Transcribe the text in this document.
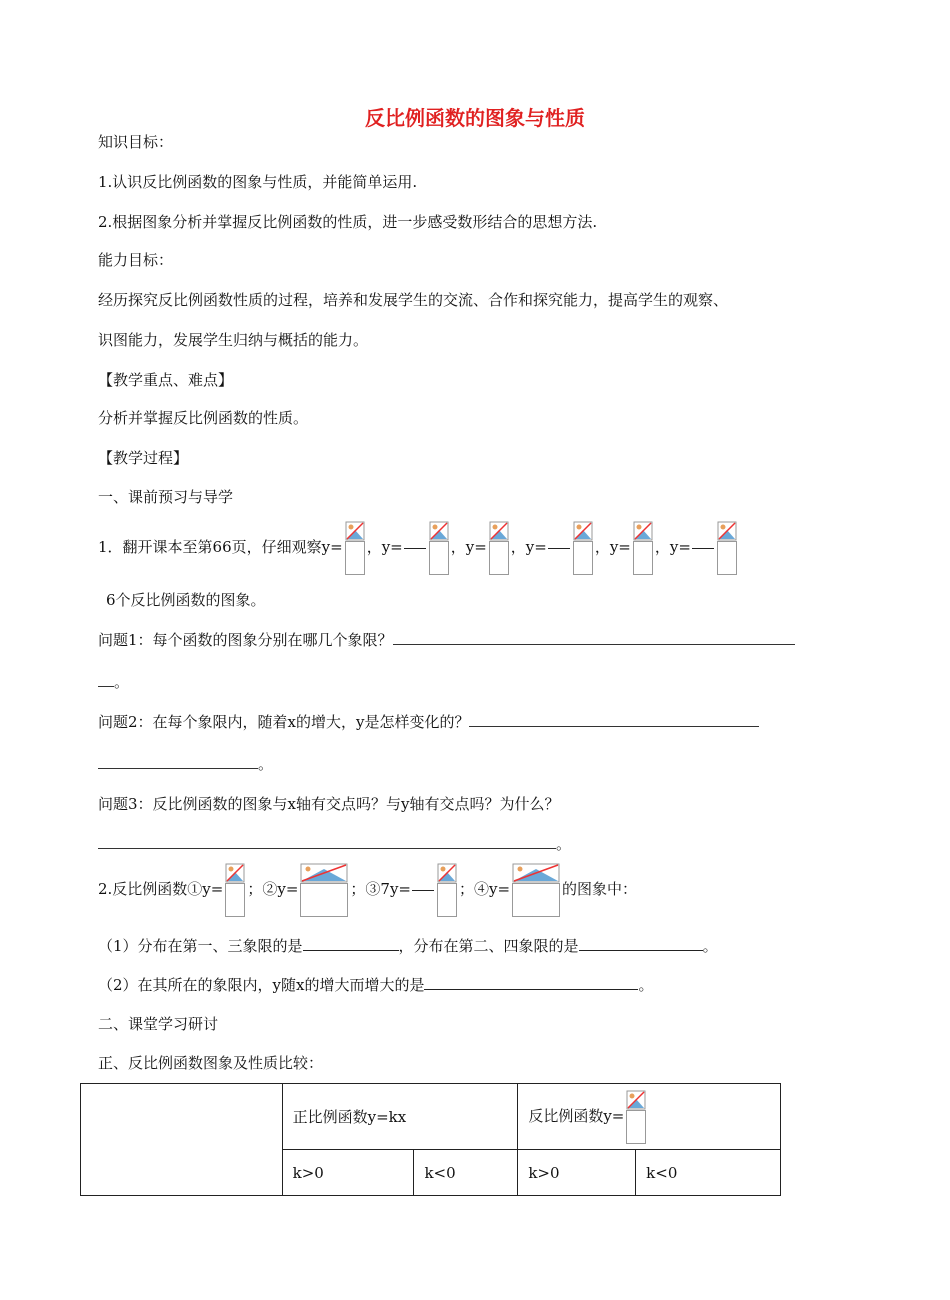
反比例函数的图象与性质
知识目标：
1.认识反比例函数的图象与性质，并能简单运用.
2.根据图象分析并掌握反比例函数的性质，进一步感受数形结合的思想方法.
能力目标：
经历探究反比例函数性质的过程，培养和发展学生的交流、合作和探究能力，提高学生的观察、
识图能力，发展学生归纳与概括的能力。
【教学重点、难点】
分析并掌握反比例函数的性质。
【教学过程】
一、课前预习与导学
1．翻开课本至第66页，仔细观察y= ，y=	，y= ，y=	，y= ，y=
6个反比例函数的图象。
问题1：每个函数的图象分别在哪几个象限？
。
问题2：在每个象限内，随着x的增大，y是怎样变化的？
。
问题3：反比例函数的图象与x轴有交点吗？与y轴有交点吗？为什么？
。
2.反比例函数①y= ；②y=	；③7y=	；④y=	的图象中：
（1）分布在第一、三象限的是	，分布在第二、四象限的是	。
（2）在其所在的象限内，y随x的增大而增大的是	。
二、课堂学习研讨
正、反比例函数图象及性质比较：
	正比例函数y=kx		反比例函数y=	

	k>0	k<0	k>0	k<0
